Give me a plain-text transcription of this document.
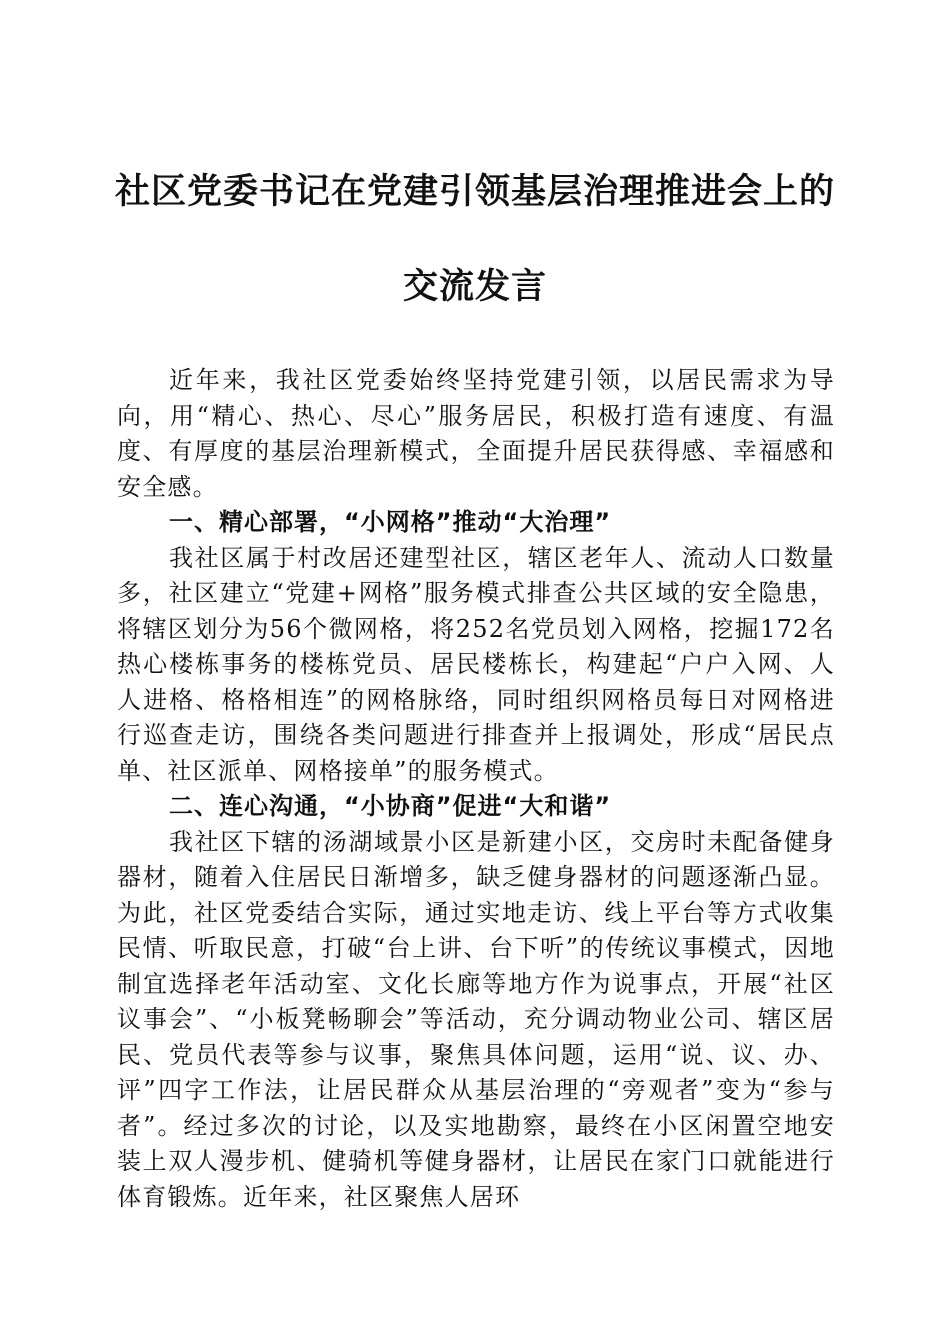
社区党委书记在党建引领基层治理推进会上的
交流发言

近年来，我社区党委始终坚持党建引领，以居民需求为导向，用“精心、热心、尽心”服务居民，积极打造有速度、有温度、有厚度的基层治理新模式，全面提升居民获得感、幸福感和安全感。

一、精心部署，“小网格”推动“大治理”

我社区属于村改居还建型社区，辖区老年人、流动人口数量多，社区建立“党建+网格”服务模式排查公共区域的安全隐患，将辖区划分为56个微网格，将252名党员划入网格，挖掘172名热心楼栋事务的楼栋党员、居民楼栋长，构建起“户户入网、人人进格、格格相连”的网格脉络，同时组织网格员每日对网格进行巡查走访，围绕各类问题进行排查并上报调处，形成“居民点单、社区派单、网格接单”的服务模式。

二、连心沟通，“小协商”促进“大和谐”

我社区下辖的汤湖域景小区是新建小区，交房时未配备健身器材，随着入住居民日渐增多，缺乏健身器材的问题逐渐凸显。为此，社区党委结合实际，通过实地走访、线上平台等方式收集民情、听取民意，打破“台上讲、台下听”的传统议事模式，因地制宜选择老年活动室、文化长廊等地方作为说事点，开展“社区议事会”、“小板凳畅聊会”等活动，充分调动物业公司、辖区居民、党员代表等参与议事，聚焦具体问题，运用“说、议、办、评”四字工作法，让居民群众从基层治理的“旁观者”变为“参与者”。经过多次的讨论，以及实地勘察，最终在小区闲置空地安装上双人漫步机、健骑机等健身器材，让居民在家门口就能进行体育锻炼。近年来，社区聚焦人居环
